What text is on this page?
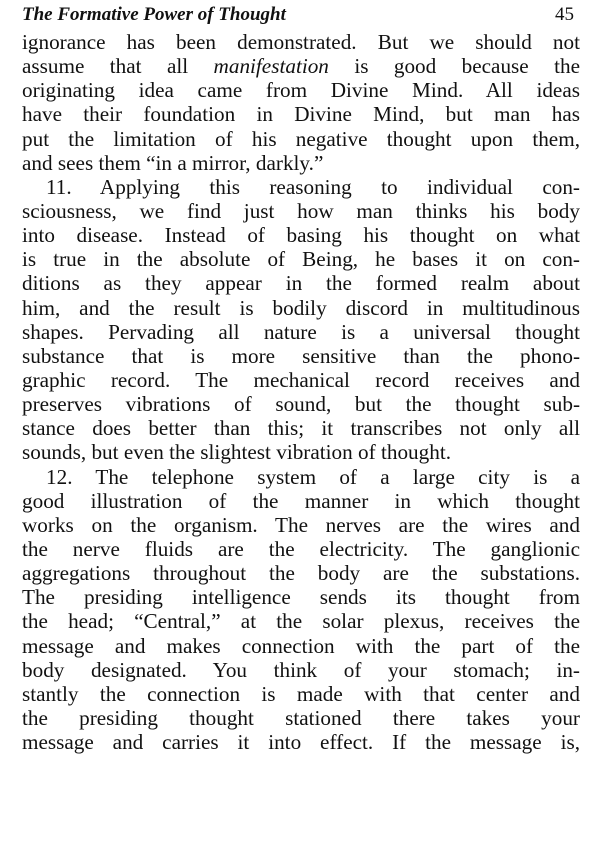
The Formative Power of Thought	45
ignorance has been demonstrated. But we should not
assume that all manifestation is good because the
originating idea came from Divine Mind. All ideas
have their foundation in Divine Mind, but man has
put the limitation of his negative thought upon them,
and sees them “in a mirror, darkly.”
11. Applying this reasoning to individual con-
sciousness, we find just how man thinks his body
into disease. Instead of basing his thought on what
is true in the absolute of Being, he bases it on con-
ditions as they appear in the formed realm about
him, and the result is bodily discord in multitudinous
shapes. Pervading all nature is a universal thought
substance that is more sensitive than the phono-
graphic record. The mechanical record receives and
preserves vibrations of sound, but the thought sub-
stance does better than this; it transcribes not only all
sounds, but even the slightest vibration of thought.
12. The telephone system of a large city is a
good illustration of the manner in which thought
works on the organism. The nerves are the wires and
the nerve fluids are the electricity. The ganglionic
aggregations throughout the body are the substations.
The presiding intelligence sends its thought from
the head; “Central,” at the solar plexus, receives the
message and makes connection with the part of the
body designated. You think of your stomach; in-
stantly the connection is made with that center and
the presiding thought stationed there takes your
message and carries it into effect. If the message is,
